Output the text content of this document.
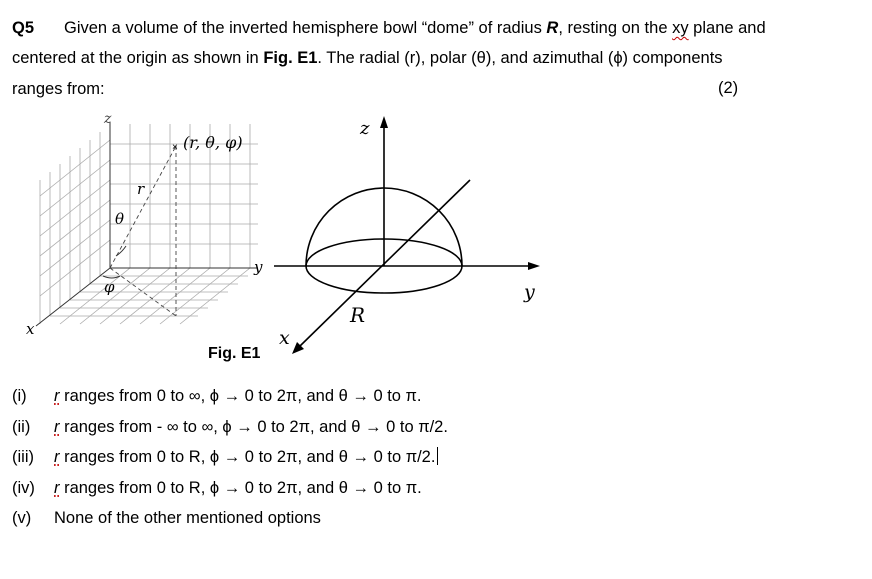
Q5 Given a volume of the inverted hemisphere bowl “dome” of radius R, resting on the xy plane and
centered at the origin as shown in Fig. E1. The radial (r), polar (θ), and azimuthal (ϕ) components
ranges from:	(2)
×
z
(r, θ, φ)
r
θ
φ
y
x
z
y
x
R
Fig. E1
(i) r ranges from 0 to ∞, ϕ → 0 to 2π, and θ → 0 to π.
(ii) r ranges from - ∞ to ∞, ϕ → 0 to 2π, and θ → 0 to π/2.
(iii) r ranges from 0 to R, ϕ → 0 to 2π, and θ → 0 to π/2.
(iv) r ranges from 0 to R, ϕ → 0 to 2π, and θ → 0 to π.
(v) None of the other mentioned options
